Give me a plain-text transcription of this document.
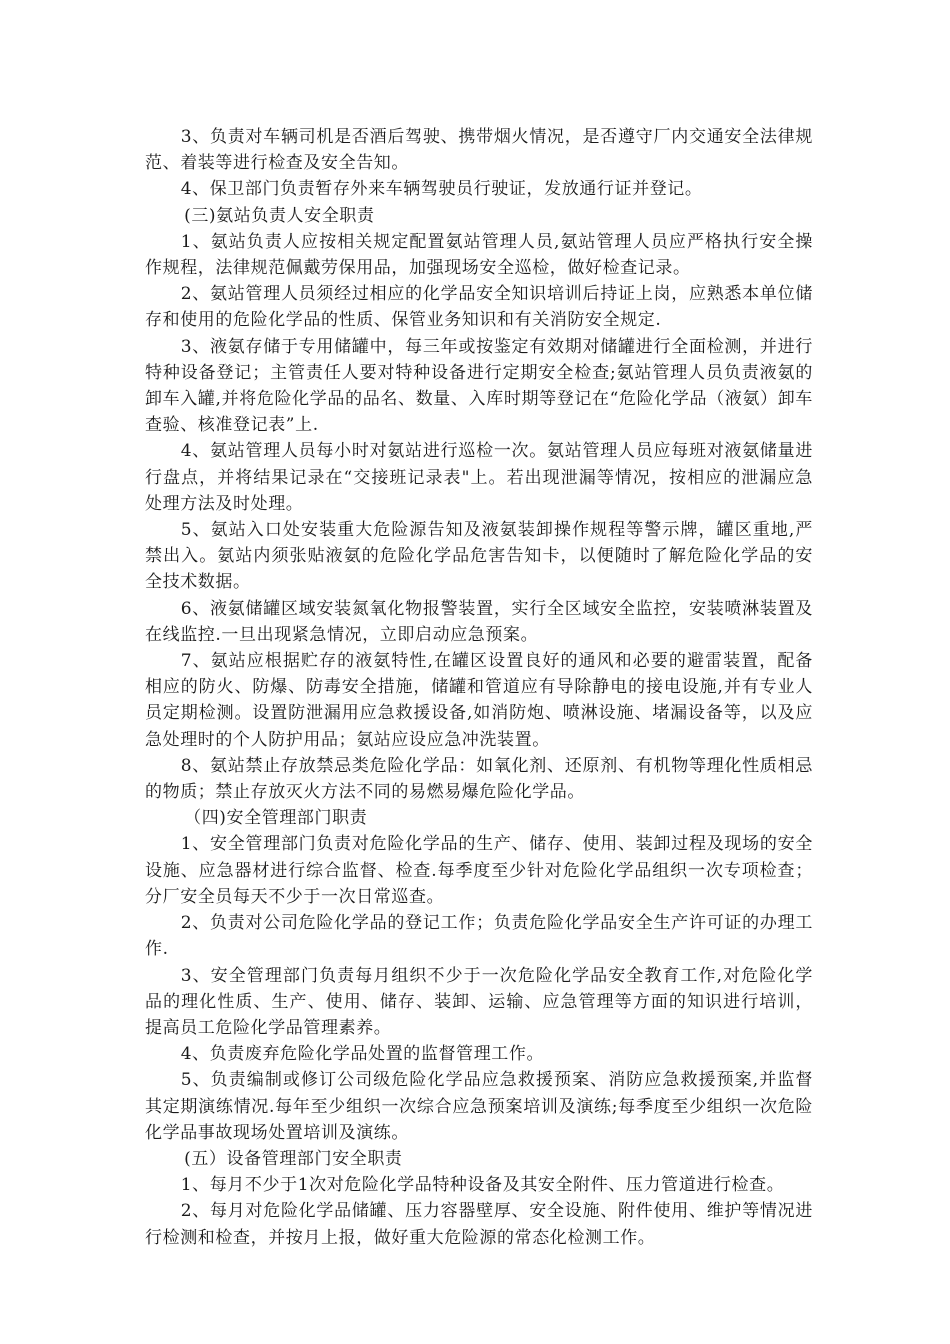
3、负责对车辆司机是否酒后驾驶、携带烟火情况，是否遵守厂内交通安全法律规范、着装等进行检查及安全告知。

4、保卫部门负责暂存外来车辆驾驶员行驶证，发放通行证并登记。

(三)氨站负责人安全职责

1、氨站负责人应按相关规定配置氨站管理人员,氨站管理人员应严格执行安全操作规程，法律规范佩戴劳保用品，加强现场安全巡检，做好检查记录。

2、氨站管理人员须经过相应的化学品安全知识培训后持证上岗，应熟悉本单位储存和使用的危险化学品的性质、保管业务知识和有关消防安全规定.

3、液氨存储于专用储罐中，每三年或按鉴定有效期对储罐进行全面检测，并进行特种设备登记；主管责任人要对特种设备进行定期安全检查;氨站管理人员负责液氨的卸车入罐,并将危险化学品的品名、数量、入库时期等登记在“危险化学品（液氨）卸车查验、核准登记表”上.

4、氨站管理人员每小时对氨站进行巡检一次。氨站管理人员应每班对液氨储量进行盘点，并将结果记录在“交接班记录表"上。若出现泄漏等情况，按相应的泄漏应急处理方法及时处理。

5、氨站入口处安装重大危险源告知及液氨装卸操作规程等警示牌，罐区重地,严禁出入。氨站内须张贴液氨的危险化学品危害告知卡，以便随时了解危险化学品的安全技术数据。

6、液氨储罐区域安装氮氧化物报警装置，实行全区域安全监控，安装喷淋装置及在线监控.一旦出现紧急情况，立即启动应急预案。

7、氨站应根据贮存的液氨特性,在罐区设置良好的通风和必要的避雷装置，配备相应的防火、防爆、防毒安全措施，储罐和管道应有导除静电的接电设施,并有专业人员定期检测。设置防泄漏用应急救援设备,如消防炮、喷淋设施、堵漏设备等，以及应急处理时的个人防护用品；氨站应设应急冲洗装置。

8、氨站禁止存放禁忌类危险化学品：如氧化剂、还原剂、有机物等理化性质相忌的物质；禁止存放灭火方法不同的易燃易爆危险化学品。

（四)安全管理部门职责

1、安全管理部门负责对危险化学品的生产、储存、使用、装卸过程及现场的安全设施、应急器材进行综合监督、检查.每季度至少针对危险化学品组织一次专项检查；分厂安全员每天不少于一次日常巡查。

2、负责对公司危险化学品的登记工作；负责危险化学品安全生产许可证的办理工作.

3、安全管理部门负责每月组织不少于一次危险化学品安全教育工作,对危险化学品的理化性质、生产、使用、储存、装卸、运输、应急管理等方面的知识进行培训，提高员工危险化学品管理素养。

4、负责废弃危险化学品处置的监督管理工作。

5、负责编制或修订公司级危险化学品应急救援预案、消防应急救援预案,并监督其定期演练情况.每年至少组织一次综合应急预案培训及演练;每季度至少组织一次危险化学品事故现场处置培训及演练。

(五）设备管理部门安全职责

1、每月不少于1次对危险化学品特种设备及其安全附件、压力管道进行检查。

2、每月对危险化学品储罐、压力容器壁厚、安全设施、附件使用、维护等情况进行检测和检查，并按月上报，做好重大危险源的常态化检测工作。
